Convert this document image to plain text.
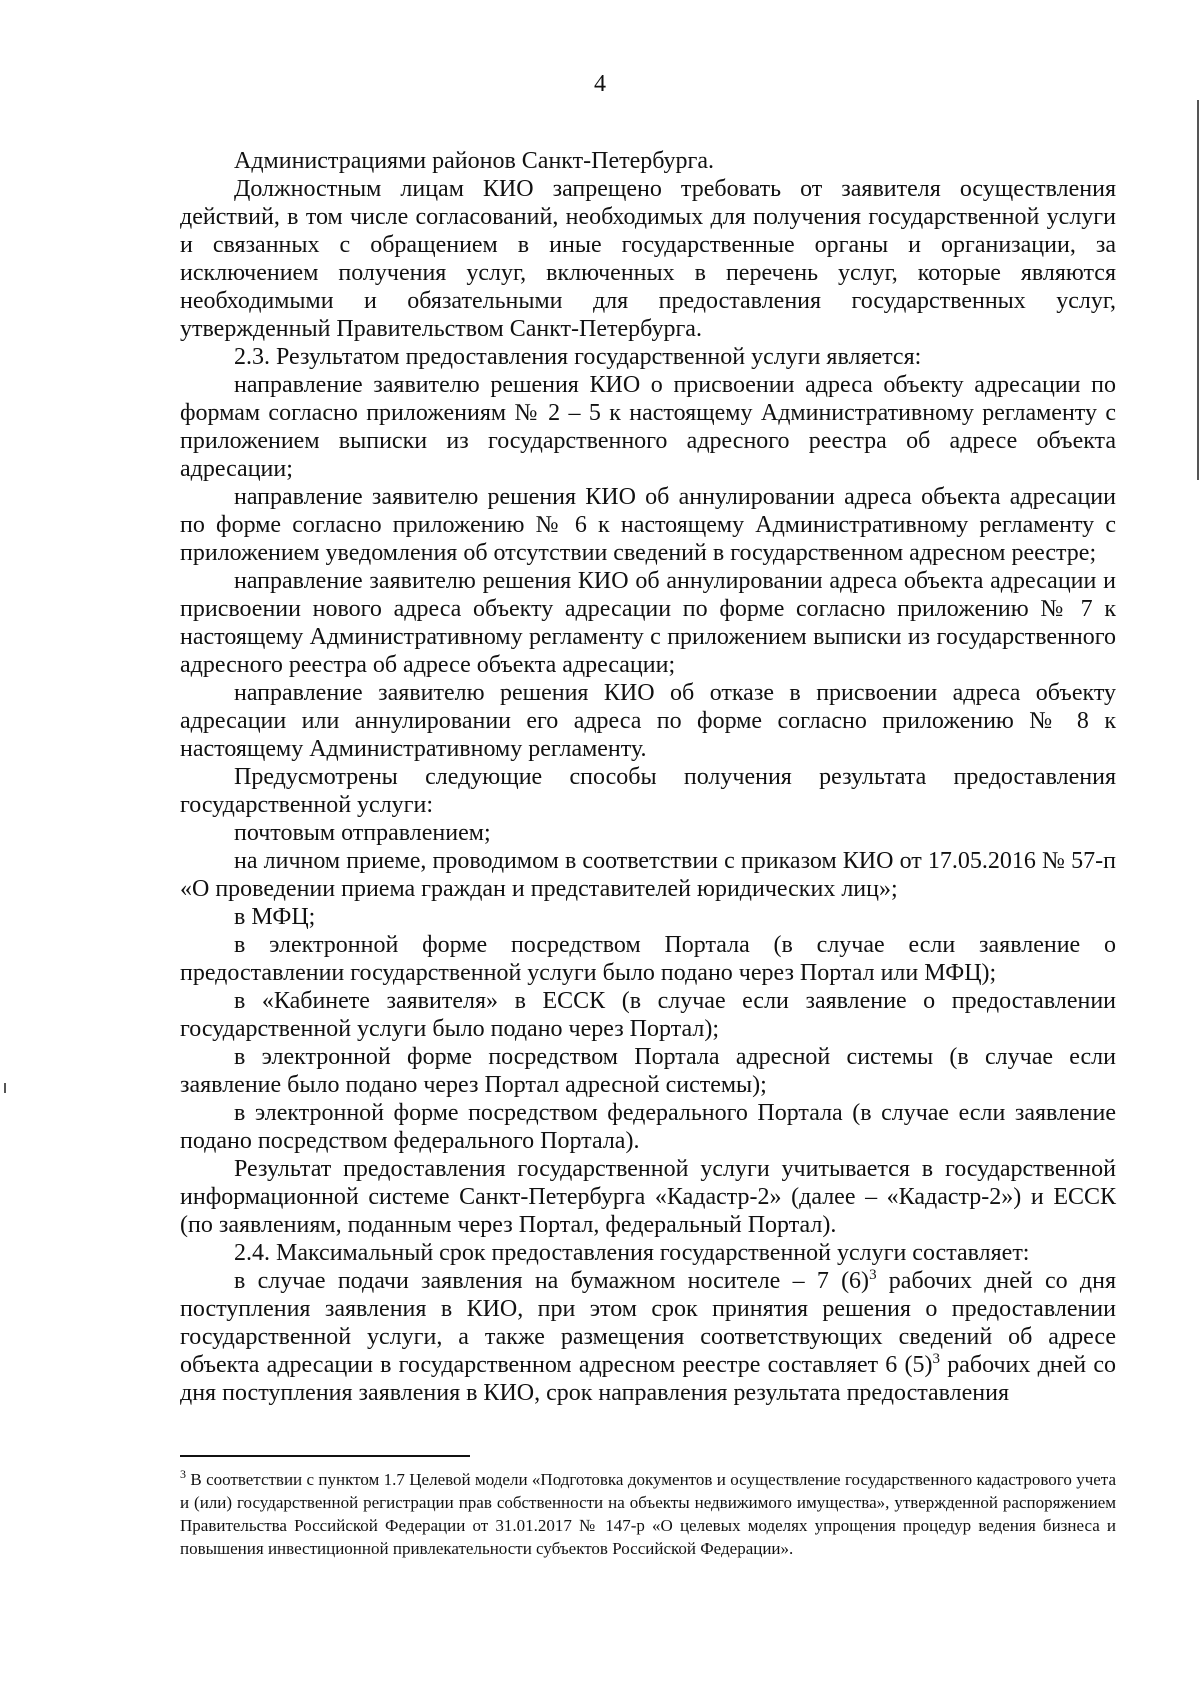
4

Администрациями районов Санкт-Петербурга.

Должностным лицам КИО запрещено требовать от заявителя осуществления действий, в том числе согласований, необходимых для получения государственной услуги и связанных с обращением в иные государственные органы и организации, за исключением получения услуг, включенных в перечень услуг, которые являются необходимыми и обязательными для предоставления государственных услуг, утвержденный Правительством Санкт-Петербурга.

2.3. Результатом предоставления государственной услуги является:

направление заявителю решения КИО о присвоении адреса объекту адресации по формам согласно приложениям № 2 – 5 к настоящему Административному регламенту с приложением выписки из государственного адресного реестра об адресе объекта адресации;

направление заявителю решения КИО об аннулировании адреса объекта адресации по форме согласно приложению № 6 к настоящему Административному регламенту с приложением уведомления об отсутствии сведений в государственном адресном реестре;

направление заявителю решения КИО об аннулировании адреса объекта адресации и присвоении нового адреса объекту адресации по форме согласно приложению № 7 к настоящему Административному регламенту с приложением выписки из государственного адресного реестра об адресе объекта адресации;

направление заявителю решения КИО об отказе в присвоении адреса объекту адресации или аннулировании его адреса по форме согласно приложению № 8 к настоящему Административному регламенту.

Предусмотрены следующие способы получения результата предоставления государственной услуги:

почтовым отправлением;

на личном приеме, проводимом в соответствии с приказом КИО от 17.05.2016 № 57-п «О проведении приема граждан и представителей юридических лиц»;

в МФЦ;

в электронной форме посредством Портала (в случае если заявление о предоставлении государственной услуги было подано через Портал или МФЦ);

в «Кабинете заявителя» в ЕССК (в случае если заявление о предоставлении государственной услуги было подано через Портал);

в электронной форме посредством Портала адресной системы (в случае если заявление было подано через Портал адресной системы);

в электронной форме посредством федерального Портала (в случае если заявление подано посредством федерального Портала).

Результат предоставления государственной услуги учитывается в государственной информационной системе Санкт-Петербурга «Кадастр-2» (далее – «Кадастр-2») и ЕССК (по заявлениям, поданным через Портал, федеральный Портал).

2.4. Максимальный срок предоставления государственной услуги составляет:

в случае подачи заявления на бумажном носителе – 7 $(6)^3$ рабочих дней со дня поступления заявления в КИО, при этом срок принятия решения о предоставлении государственной услуги, а также размещения соответствующих сведений об адресе объекта адресации в государственном адресном реестре составляет 6 $(5)^3$ рабочих дней со дня поступления заявления в КИО, срок направления результата предоставления

$^3$ В соответствии с пунктом 1.7 Целевой модели «Подготовка документов и осуществление государственного кадастрового учета и (или) государственной регистрации прав собственности на объекты недвижимого имущества», утвержденной распоряжением Правительства Российской Федерации от 31.01.2017 № 147-р «О целевых моделях упрощения процедур ведения бизнеса и повышения инвестиционной привлекательности субъектов Российской Федерации».
